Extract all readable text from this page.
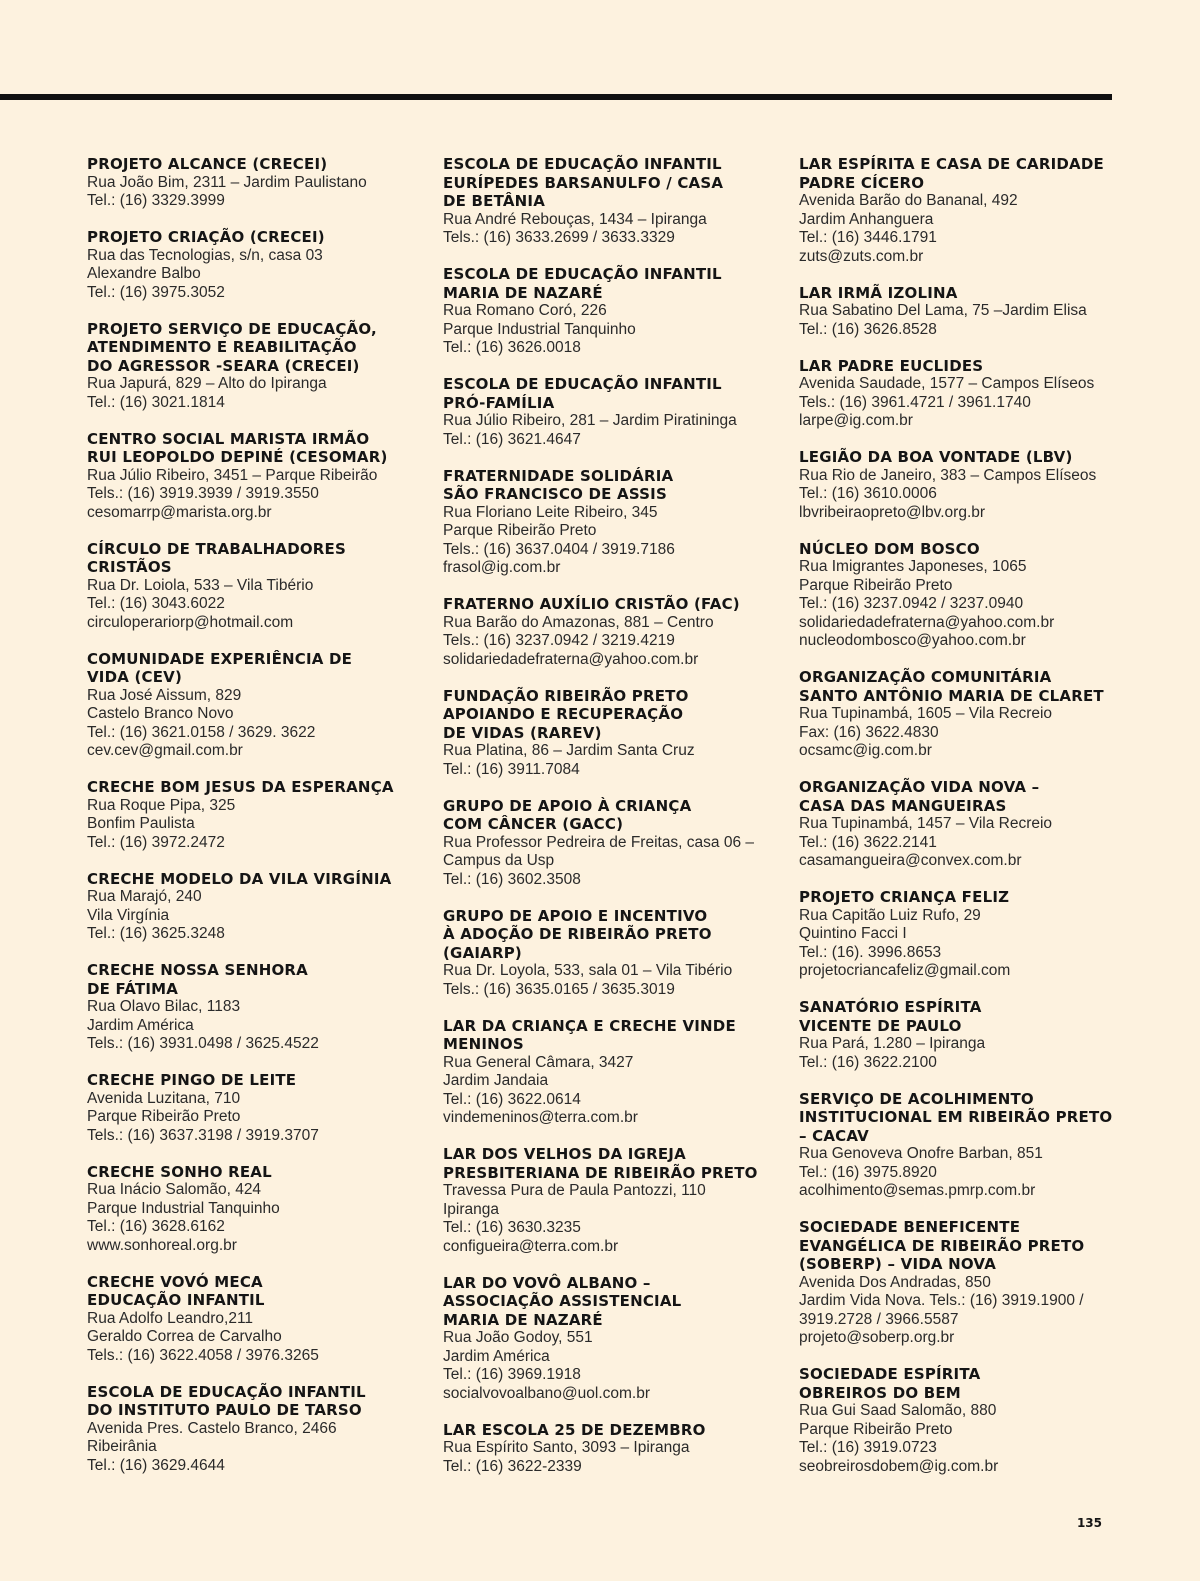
PROJETO ALCANCE (CRECEI)
Rua João Bim, 2311 – Jardim Paulistano
Tel.: (16) 3329.3999
PROJETO CRIAÇÃO (CRECEI)
Rua das Tecnologias, s/n, casa 03
Alexandre Balbo
Tel.: (16) 3975.3052
PROJETO SERVIÇO DE EDUCAÇÃO,
ATENDIMENTO E REABILITAÇÃO
DO AGRESSOR -SEARA (CRECEI)
Rua Japurá, 829 – Alto do Ipiranga
Tel.: (16) 3021.1814
CENTRO SOCIAL MARISTA IRMÃO
RUI LEOPOLDO DEPINÉ (CESOMAR)
Rua Júlio Ribeiro, 3451 – Parque Ribeirão
Tels.: (16) 3919.3939 / 3919.3550
cesomarrp@marista.org.br
CÍRCULO DE TRABALHADORES
CRISTÃOS
Rua Dr. Loiola, 533 – Vila Tibério
Tel.: (16) 3043.6022
circuloperariorp@hotmail.com
COMUNIDADE EXPERIÊNCIA DE
VIDA (CEV)
Rua José Aissum, 829
Castelo Branco Novo
Tel.: (16) 3621.0158 / 3629. 3622
cev.cev@gmail.com.br
CRECHE BOM JESUS DA ESPERANÇA
Rua Roque Pipa, 325
Bonfim Paulista
Tel.: (16) 3972.2472
CRECHE MODELO DA VILA VIRGÍNIA
Rua Marajó, 240
Vila Virgínia
Tel.: (16) 3625.3248
CRECHE NOSSA SENHORA
DE FÁTIMA
Rua Olavo Bilac, 1183
Jardim América
Tels.: (16) 3931.0498 / 3625.4522
CRECHE PINGO DE LEITE
Avenida Luzitana, 710
Parque Ribeirão Preto
Tels.: (16) 3637.3198 / 3919.3707
CRECHE SONHO REAL
Rua Inácio Salomão, 424
Parque Industrial Tanquinho
Tel.: (16) 3628.6162
www.sonhoreal.org.br
CRECHE VOVÓ MECA
EDUCAÇÃO INFANTIL
Rua Adolfo Leandro,211
Geraldo Correa de Carvalho
Tels.: (16) 3622.4058 / 3976.3265
ESCOLA DE EDUCAÇÃO INFANTIL
DO INSTITUTO PAULO DE TARSO
Avenida Pres. Castelo Branco, 2466
Ribeirânia
Tel.: (16) 3629.4644
ESCOLA DE EDUCAÇÃO INFANTIL
EURÍPEDES BARSANULFO / CASA
DE BETÂNIA
Rua André Rebouças, 1434 – Ipiranga
Tels.: (16) 3633.2699 / 3633.3329
ESCOLA DE EDUCAÇÃO INFANTIL
MARIA DE NAZARÉ
Rua Romano Coró, 226
Parque Industrial Tanquinho
Tel.: (16) 3626.0018
ESCOLA DE EDUCAÇÃO INFANTIL
PRÓ-FAMÍLIA
Rua Júlio Ribeiro, 281 – Jardim Piratininga
Tel.: (16) 3621.4647
FRATERNIDADE SOLIDÁRIA
SÃO FRANCISCO DE ASSIS
Rua Floriano Leite Ribeiro, 345
Parque Ribeirão Preto
Tels.: (16) 3637.0404 / 3919.7186
frasol@ig.com.br
FRATERNO AUXÍLIO CRISTÃO (FAC)
Rua Barão do Amazonas, 881 – Centro
Tels.: (16) 3237.0942 / 3219.4219
solidariedadefraterna@yahoo.com.br
FUNDAÇÃO RIBEIRÃO PRETO
APOIANDO E RECUPERAÇÃO
DE VIDAS (RAREV)
Rua Platina, 86 – Jardim Santa Cruz
Tel.: (16) 3911.7084
GRUPO DE APOIO À CRIANÇA
COM CÂNCER (GACC)
Rua Professor Pedreira de Freitas, casa 06 –
Campus da Usp
Tel.: (16) 3602.3508
GRUPO DE APOIO E INCENTIVO
À ADOÇÃO DE RIBEIRÃO PRETO
(GAIARP)
Rua Dr. Loyola, 533, sala 01 – Vila Tibério
Tels.: (16) 3635.0165 / 3635.3019
LAR DA CRIANÇA E CRECHE VINDE
MENINOS
Rua General Câmara, 3427
Jardim Jandaia
Tel.: (16) 3622.0614
vindemeninos@terra.com.br
LAR DOS VELHOS DA IGREJA
PRESBITERIANA DE RIBEIRÃO PRETO
Travessa Pura de Paula Pantozzi, 110
Ipiranga
Tel.: (16) 3630.3235
configueira@terra.com.br
LAR DO VOVÔ ALBANO –
ASSOCIAÇÃO ASSISTENCIAL
MARIA DE NAZARÉ
Rua João Godoy, 551
Jardim América
Tel.: (16) 3969.1918
socialvovoalbano@uol.com.br
LAR ESCOLA 25 DE DEZEMBRO
Rua Espírito Santo, 3093 – Ipiranga
Tel.: (16) 3622-2339
LAR ESPÍRITA E CASA DE CARIDADE
PADRE CÍCERO
Avenida Barão do Bananal, 492
Jardim Anhanguera
Tel.: (16) 3446.1791
zuts@zuts.com.br
LAR IRMÃ IZOLINA
Rua Sabatino Del Lama, 75 –Jardim Elisa
Tel.: (16) 3626.8528
LAR PADRE EUCLIDES
Avenida Saudade, 1577 – Campos Elíseos
Tels.: (16) 3961.4721 / 3961.1740
larpe@ig.com.br
LEGIÃO DA BOA VONTADE (LBV)
Rua Rio de Janeiro, 383 – Campos Elíseos
Tel.: (16) 3610.0006
lbvribeiraopreto@lbv.org.br
NÚCLEO DOM BOSCO
Rua Imigrantes Japoneses, 1065
Parque Ribeirão Preto
Tel.: (16) 3237.0942 / 3237.0940
solidariedadefraterna@yahoo.com.br
nucleodombosco@yahoo.com.br
ORGANIZAÇÃO COMUNITÁRIA
SANTO ANTÔNIO MARIA DE CLARET
Rua Tupinambá, 1605 – Vila Recreio
Fax: (16) 3622.4830
ocsamc@ig.com.br
ORGANIZAÇÃO VIDA NOVA –
CASA DAS MANGUEIRAS
Rua Tupinambá, 1457 – Vila Recreio
Tel.: (16) 3622.2141
casamangueira@convex.com.br
PROJETO CRIANÇA FELIZ
Rua Capitão Luiz Rufo, 29
Quintino Facci I
Tel.: (16). 3996.8653
projetocriancafeliz@gmail.com
SANATÓRIO ESPÍRITA
VICENTE DE PAULO
Rua Pará, 1.280 – Ipiranga
Tel.: (16) 3622.2100
SERVIÇO DE ACOLHIMENTO
INSTITUCIONAL EM RIBEIRÃO PRETO
– CACAV
Rua Genoveva Onofre Barban, 851
Tel.: (16) 3975.8920
acolhimento@semas.pmrp.com.br
SOCIEDADE BENEFICENTE
EVANGÉLICA DE RIBEIRÃO PRETO
(SOBERP) – VIDA NOVA
Avenida Dos Andradas, 850
Jardim Vida Nova. Tels.: (16) 3919.1900 /
3919.2728 / 3966.5587
projeto@soberp.org.br
SOCIEDADE ESPÍRITA
OBREIROS DO BEM
Rua Gui Saad Salomão, 880
Parque Ribeirão Preto
Tel.: (16) 3919.0723
seobreirosdobem@ig.com.br
135
